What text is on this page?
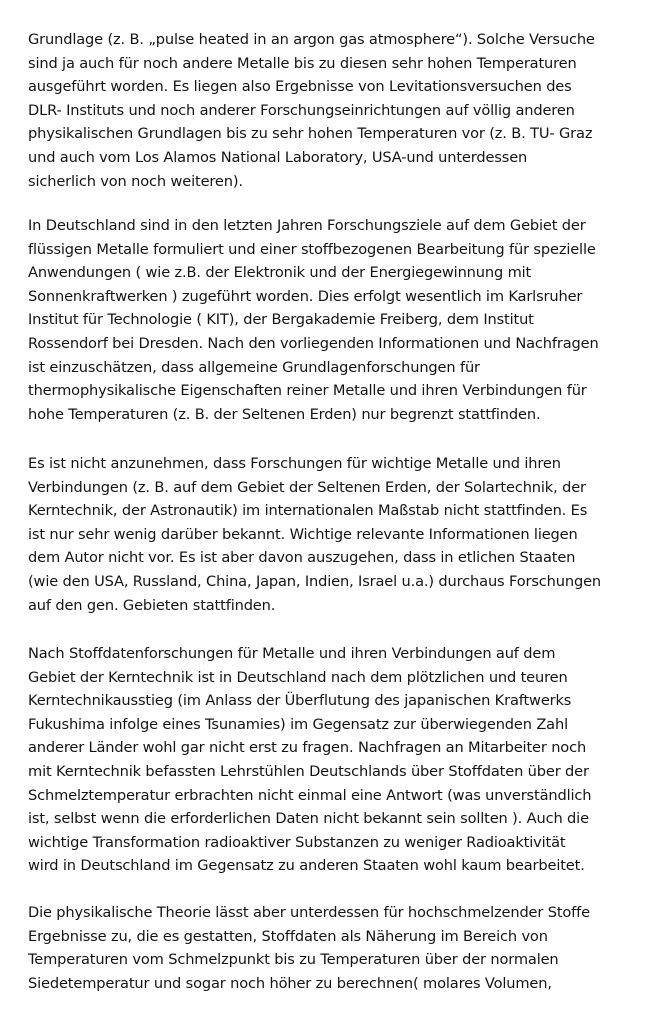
Grundlage (z. B. „pulse heated in an argon gas atmosphere“). Solche Versuche
sind ja auch für noch andere Metalle bis zu diesen sehr hohen Temperaturen
ausgeführt worden. Es liegen also Ergebnisse von Levitationsversuchen des
DLR- Instituts und noch anderer Forschungseinrichtungen auf völlig anderen
physikalischen Grundlagen bis zu sehr hohen Temperaturen vor (z. B. TU- Graz
und auch vom Los Alamos National Laboratory, USA-und unterdessen
sicherlich von noch weiteren).
In Deutschland sind in den letzten Jahren Forschungsziele auf dem Gebiet der
flüssigen Metalle formuliert und einer stoffbezogenen Bearbeitung für spezielle
Anwendungen ( wie z.B. der Elektronik und der Energiegewinnung mit
Sonnenkraftwerken ) zugeführt worden. Dies erfolgt wesentlich im Karlsruher
Institut für Technologie ( KIT), der Bergakademie Freiberg, dem Institut
Rossendorf bei Dresden. Nach den vorliegenden Informationen und Nachfragen
ist einzuschätzen, dass allgemeine Grundlagenforschungen für
thermophysikalische Eigenschaften reiner Metalle und ihren Verbindungen für
hohe Temperaturen (z. B. der Seltenen Erden) nur begrenzt stattfinden.
Es ist nicht anzunehmen, dass Forschungen für wichtige Metalle und ihren
Verbindungen (z. B. auf dem Gebiet der Seltenen Erden, der Solartechnik, der
Kerntechnik, der Astronautik) im internationalen Maßstab nicht stattfinden. Es
ist nur sehr wenig darüber bekannt. Wichtige relevante Informationen liegen
dem Autor nicht vor. Es ist aber davon auszugehen, dass in etlichen Staaten
(wie den USA, Russland, China, Japan, Indien, Israel u.a.) durchaus Forschungen
auf den gen. Gebieten stattfinden.
Nach Stoffdatenforschungen für Metalle und ihren Verbindungen auf dem
Gebiet der Kerntechnik ist in Deutschland nach dem plötzlichen und teuren
Kerntechnikausstieg (im Anlass der Überflutung des japanischen Kraftwerks
Fukushima infolge eines Tsunamies) im Gegensatz zur überwiegenden Zahl
anderer Länder wohl gar nicht erst zu fragen. Nachfragen an Mitarbeiter noch
mit Kerntechnik befassten Lehrstühlen Deutschlands über Stoffdaten über der
Schmelztemperatur erbrachten nicht einmal eine Antwort (was unverständlich
ist, selbst wenn die erforderlichen Daten nicht bekannt sein sollten ). Auch die
wichtige Transformation radioaktiver Substanzen zu weniger Radioaktivität
wird in Deutschland im Gegensatz zu anderen Staaten wohl kaum bearbeitet.
Die physikalische Theorie lässt aber unterdessen für hochschmelzender Stoffe
Ergebnisse zu, die es gestatten, Stoffdaten als Näherung im Bereich von
Temperaturen vom Schmelzpunkt bis zu Temperaturen über der normalen
Siedetemperatur und sogar noch höher zu berechnen( molares Volumen,
